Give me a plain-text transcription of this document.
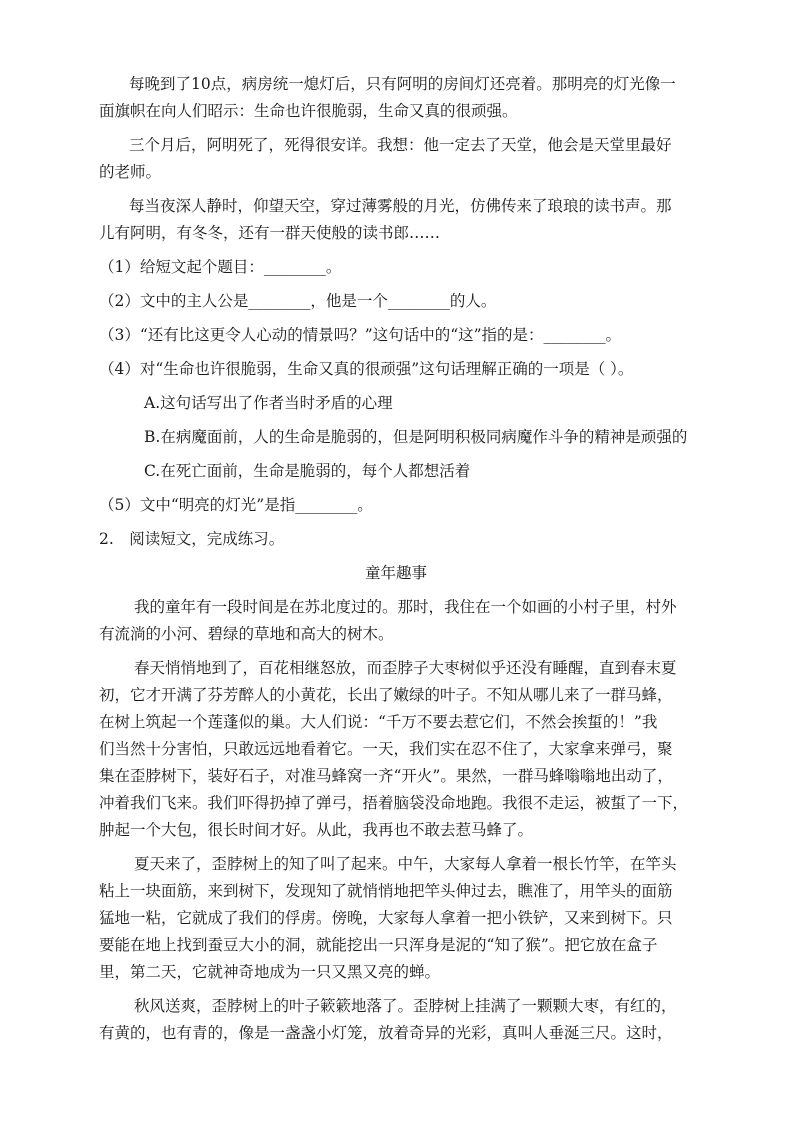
每晚到了10点，病房统一熄灯后，只有阿明的房间灯还亮着。那明亮的灯光像一
面旗帜在向人们昭示：生命也许很脆弱，生命又真的很顽强。
三个月后，阿明死了，死得很安详。我想：他一定去了天堂，他会是天堂里最好
的老师。
每当夜深人静时，仰望天空，穿过薄雾般的月光，仿佛传来了琅琅的读书声。那
儿有阿明，有冬冬，还有一群天使般的读书郎……
（1）给短文起个题目：________。
（2）文中的主人公是________，他是一个________的人。
（3）“还有比这更令人心动的情景吗？”这句话中的“这”指的是：________。
（4）对“生命也许很脆弱，生命又真的很顽强”这句话理解正确的一项是（ ）。
A.这句话写出了作者当时矛盾的心理
B.在病魔面前，人的生命是脆弱的，但是阿明积极同病魔作斗争的精神是顽强的
C.在死亡面前，生命是脆弱的，每个人都想活着
（5）文中“明亮的灯光”是指________。
2.　阅读短文，完成练习。
童年趣事
我的童年有一段时间是在苏北度过的。那时，我住在一个如画的小村子里，村外
有流淌的小河、碧绿的草地和高大的树木。
春天悄悄地到了，百花相继怒放，而歪脖子大枣树似乎还没有睡醒，直到春末夏
初，它才开满了芬芳醉人的小黄花，长出了嫩绿的叶子。不知从哪儿来了一群马蜂，
在树上筑起一个莲蓬似的巢。大人们说：“千万不要去惹它们，不然会挨蜇的！”我
们当然十分害怕，只敢远远地看着它。一天，我们实在忍不住了，大家拿来弹弓，聚
集在歪脖树下，装好石子，对准马蜂窝一齐“开火”。果然，一群马蜂嗡嗡地出动了，
冲着我们飞来。我们吓得扔掉了弹弓，捂着脑袋没命地跑。我很不走运，被蜇了一下，
肿起一个大包，很长时间才好。从此，我再也不敢去惹马蜂了。
夏天来了，歪脖树上的知了叫了起来。中午，大家每人拿着一根长竹竿，在竿头
粘上一块面筋，来到树下，发现知了就悄悄地把竿头伸过去，瞧准了，用竿头的面筋
猛地一粘，它就成了我们的俘虏。傍晚，大家每人拿着一把小铁铲，又来到树下。只
要能在地上找到蚕豆大小的洞，就能挖出一只浑身是泥的“知了猴”。把它放在盒子
里，第二天，它就神奇地成为一只又黑又亮的蝉。
秋风送爽，歪脖树上的叶子簌簌地落了。歪脖树上挂满了一颗颗大枣，有红的，
有黄的，也有青的，像是一盏盏小灯笼，放着奇异的光彩，真叫人垂涎三尺。这时，
